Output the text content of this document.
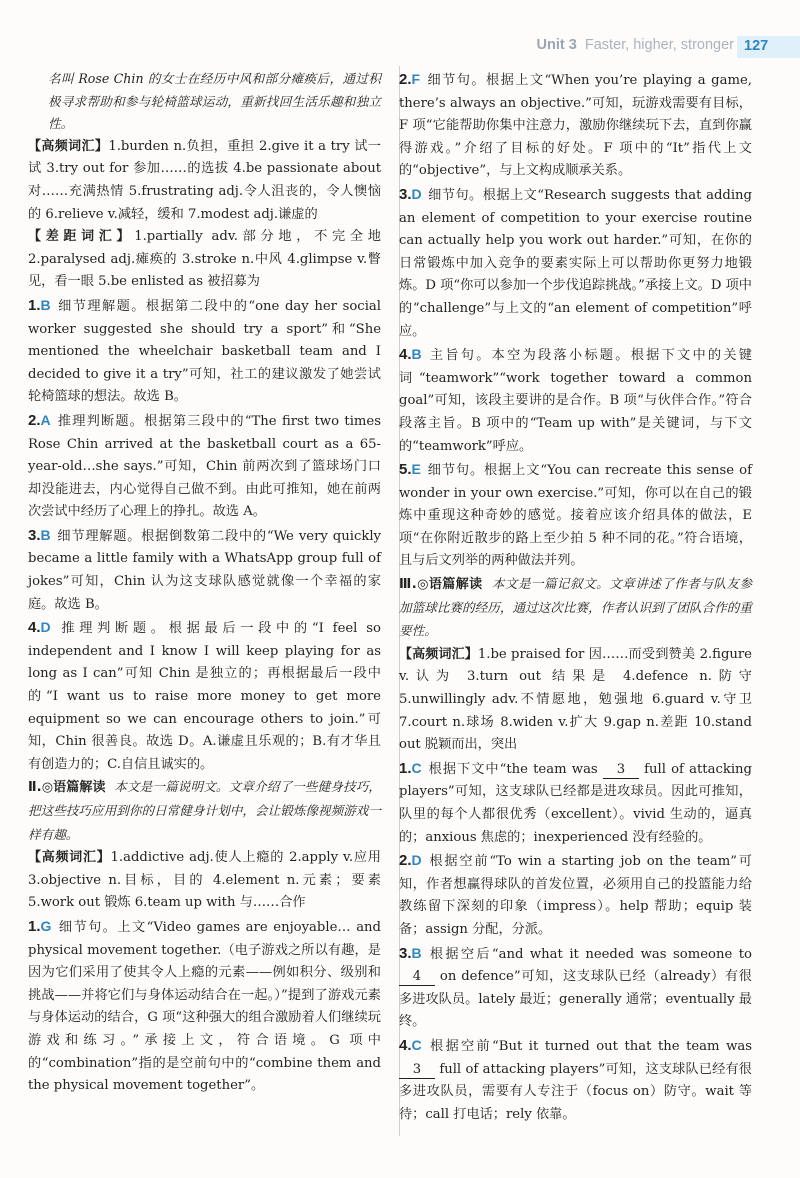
Unit 3 Faster, higher, stronger 127

名叫 Rose Chin 的女士在经历中风和部分瘫痪后，通过积极寻求帮助和参与轮椅篮球运动，重新找回生活乐趣和独立性。

【高频词汇】1.burden n.负担，重担 2.give it a try 试一试 3.try out for 参加……的选拔 4.be passionate about 对……充满热情 5.frustrating adj.令人沮丧的，令人懊恼的 6.relieve v.减轻，缓和 7.modest adj.谦虚的

【差距词汇】1.partially adv.部分地，不完全地 2.paralysed adj.瘫痪的 3.stroke n.中风 4.glimpse v.瞥见，看一眼 5.be enlisted as 被招募为

1.B 细节理解题。根据第二段中的“one day her social worker suggested she should try a sport”和“She mentioned the wheelchair basketball team and I decided to give it a try”可知，社工的建议激发了她尝试轮椅篮球的想法。故选 B。

2.A 推理判断题。根据第三段中的“The first two times Rose Chin arrived at the basketball court as a 65-year-old…she says.”可知，Chin 前两次到了篮球场门口却没能进去，内心觉得自己做不到。由此可推知，她在前两次尝试中经历了心理上的挣扎。故选 A。

3.B 细节理解题。根据倒数第二段中的“We very quickly became a little family with a WhatsApp group full of jokes”可知，Chin 认为这支球队感觉就像一个幸福的家庭。故选 B。

4.D 推理判断题。根据最后一段中的“I feel so independent and I know I will keep playing for as long as I can”可知 Chin 是独立的；再根据最后一段中的“I want us to raise more money to get more equipment so we can encourage others to join.”可知，Chin 很善良。故选 D。A.谦虚且乐观的；B.有才华且有创造力的；C.自信且诚实的。

Ⅱ.◎语篇解读 本文是一篇说明文。文章介绍了一些健身技巧，把这些技巧应用到你的日常健身计划中，会让锻炼像视频游戏一样有趣。

【高频词汇】1.addictive adj.使人上瘾的 2.apply v.应用 3.objective n.目标，目的 4.element n.元素；要素 5.work out 锻炼 6.team up with 与……合作

1.G 细节句。上文“Video games are enjoyable… and physical movement together.（电子游戏之所以有趣，是因为它们采用了使其令人上瘾的元素——例如积分、级别和挑战——并将它们与身体运动结合在一起。）”提到了游戏元素与身体运动的结合，G 项“这种强大的组合激励着人们继续玩游戏和练习。”承接上文，符合语境。G 项中的“combination”指的是空前句中的“combine them and the physical movement together”。

2.F 细节句。根据上文“When you’re playing a game, there’s always an objective.”可知，玩游戏需要有目标，F 项“它能帮助你集中注意力，激励你继续玩下去，直到你赢得游戏。”介绍了目标的好处。F 项中的“It”指代上文的“objective”，与上文构成顺承关系。

3.D 细节句。根据上文“Research suggests that adding an element of competition to your exercise routine can actually help you work out harder.”可知，在你的日常锻炼中加入竞争的要素实际上可以帮助你更努力地锻炼。D 项“你可以参加一个步伐追踪挑战。”承接上文。D 项中的“challenge”与上文的“an element of competition”呼应。

4.B 主旨句。本空为段落小标题。根据下文中的关键词“teamwork”“work together toward a common goal”可知，该段主要讲的是合作。B 项“与伙伴合作。”符合段落主旨。B 项中的“Team up with”是关键词，与下文的“teamwork”呼应。

5.E 细节句。根据上文“You can recreate this sense of wonder in your own exercise.”可知，你可以在自己的锻炼中重现这种奇妙的感觉。接着应该介绍具体的做法，E 项“在你附近散步的路上至少拍 5 种不同的花。”符合语境，且与后文列举的两种做法并列。

Ⅲ.◎语篇解读 本文是一篇记叙文。文章讲述了作者与队友参加篮球比赛的经历，通过这次比赛，作者认识到了团队合作的重要性。

【高频词汇】1.be praised for 因……而受到赞美 2.figure v.认为 3.turn out 结果是 4.defence n.防守 5.unwillingly adv.不情愿地，勉强地 6.guard v.守卫 7.court n.球场 8.widen v.扩大 9.gap n.差距 10.stand out 脱颖而出，突出

1.C 根据下文中“the team was 3 full of attacking players”可知，这支球队已经都是进攻球员。因此可推知，队里的每个人都很优秀（excellent）。vivid 生动的，逼真的；anxious 焦虑的；inexperienced 没有经验的。

2.D 根据空前“To win a starting job on the team”可知，作者想赢得球队的首发位置，必须用自己的投篮能力给教练留下深刻的印象（impress）。help 帮助；equip 装备；assign 分配，分派。

3.B 根据空后“and what it needed was someone to 4 on defence”可知，这支球队已经（already）有很多进攻队员。lately 最近；generally 通常；eventually 最终。

4.C 根据空前“But it turned out that the team was 3 full of attacking players”可知，这支球队已经有很多进攻队员，需要有人专注于（focus on）防守。wait 等待；call 打电话；rely 依靠。
